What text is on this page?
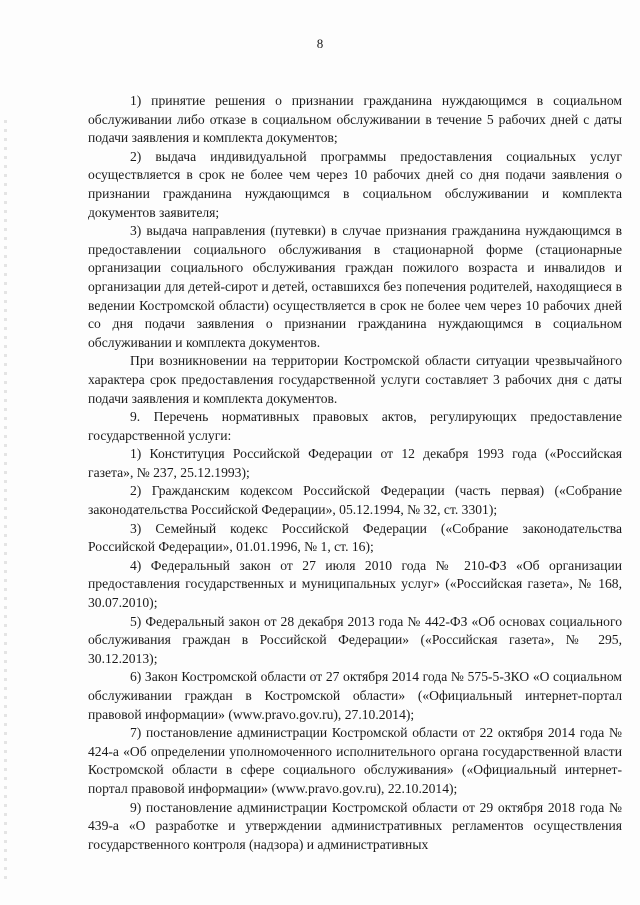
8

1) принятие решения о признании гражданина нуждающимся в социальном обслуживании либо отказе в социальном обслуживании в течение 5 рабочих дней с даты подачи заявления и комплекта документов;

2) выдача индивидуальной программы предоставления социальных услуг осуществляется в срок не более чем через 10 рабочих дней со дня подачи заявления о признании гражданина нуждающимся в социальном обслуживании и комплекта документов заявителя;

3) выдача направления (путевки) в случае признания гражданина нуждающимся в предоставлении социального обслуживания в стационарной форме (стационарные организации социального обслуживания граждан пожилого возраста и инвалидов и организации для детей-сирот и детей, оставшихся без попечения родителей, находящиеся в ведении Костромской области) осуществляется в срок не более чем через 10 рабочих дней со дня подачи заявления о признании гражданина нуждающимся в социальном обслуживании и комплекта документов.

При возникновении на территории Костромской области ситуации чрезвычайного характера срок предоставления государственной услуги составляет 3 рабочих дня с даты подачи заявления и комплекта документов.

9. Перечень нормативных правовых актов, регулирующих предоставление государственной услуги:

1) Конституция Российской Федерации от 12 декабря 1993 года («Российская газета», № 237, 25.12.1993);

2) Гражданским кодексом Российской Федерации (часть первая) («Собрание законодательства Российской Федерации», 05.12.1994, № 32, ст. 3301);

3) Семейный кодекс Российской Федерации («Собрание законодательства Российской Федерации», 01.01.1996, № 1, ст. 16);

4) Федеральный закон от 27 июля 2010 года № 210-ФЗ «Об организации предоставления государственных и муниципальных услуг» («Российская газета», № 168, 30.07.2010);

5) Федеральный закон от 28 декабря 2013 года № 442-ФЗ «Об основах социального обслуживания граждан в Российской Федерации» («Российская газета», № 295, 30.12.2013);

6) Закон Костромской области от 27 октября 2014 года № 575-5-ЗКО «О социальном обслуживании граждан в Костромской области» («Официальный интернет-портал правовой информации» (www.pravo.gov.ru), 27.10.2014);

7) постановление администрации Костромской области от 22 октября 2014 года № 424-а «Об определении уполномоченного исполнительного органа государственной власти Костромской области в сфере социального обслуживания» («Официальный интернет-портал правовой информации» (www.pravo.gov.ru), 22.10.2014);

9) постановление администрации Костромской области от 29 октября 2018 года № 439-а «О разработке и утверждении административных регламентов осуществления государственного контроля (надзора) и административных
